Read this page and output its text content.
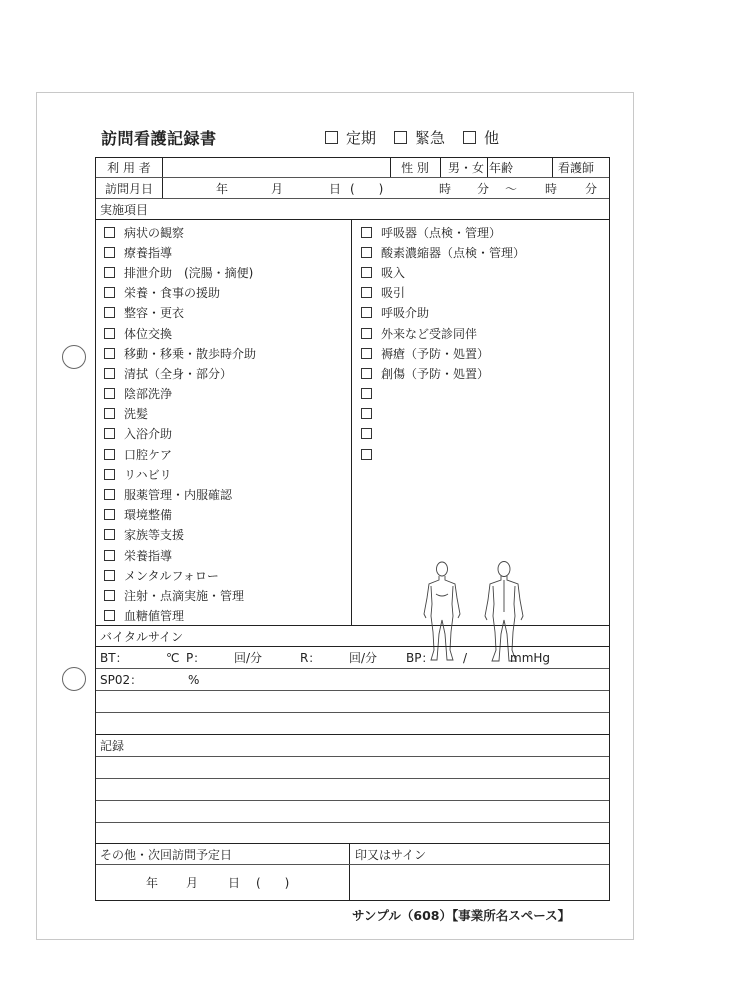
訪問看護記録書	定期	緊急	他
利 用 者	性 別	男・女 年齢	看護師
訪問月日	年	月	日 (　　)	時 分 〜 時 分
実施項目
病状の観察
療養指導
排泄介助　(浣腸・摘便)
栄養・食事の援助
整容・更衣
体位交換
移動・移乗・散歩時介助
清拭（全身・部分）
陰部洗浄
洗髪
入浴介助
口腔ケア
リハビリ
服薬管理・内服確認
環境整備
家族等支援
栄養指導
メンタルフォロー
注射・点滴実施・管理
血糖値管理
呼吸器（点検・管理）
酸素濃縮器（点検・管理）
吸入
吸引
呼吸介助
外来など受診同伴
褥瘡（予防・処置）
創傷（予防・処置）
バイタルサイン
BT：	℃ P： 回/分	R： 回/分 BP： /	mmHg
SP02：	%
記録
その他・次回訪問予定日	印又はサイン
年 月 日 (　　)
サンプル（608）【事業所名スペース】
